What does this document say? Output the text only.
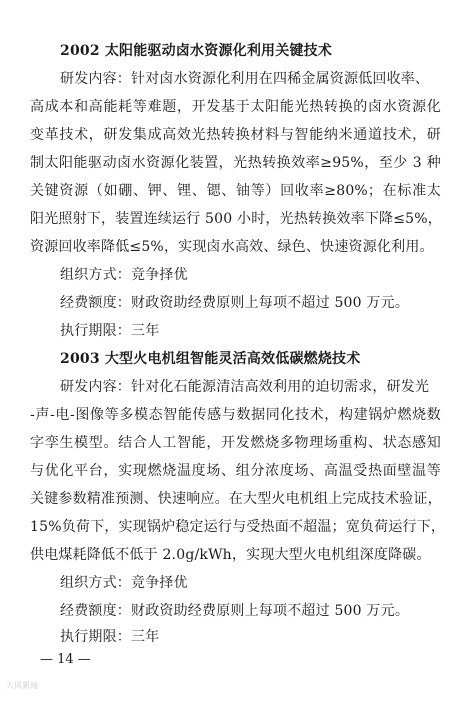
2002 太阳能驱动卤水资源化利用关键技术
研发内容：针对卤水资源化利用在四稀金属资源低回收率、
高成本和高能耗等难题，开发基于太阳能光热转换的卤水资源化
变革技术，研发集成高效光热转换材料与智能纳米通道技术，研
制太阳能驱动卤水资源化装置，光热转换效率≥95%，至少 3 种
关键资源（如硼、钾、锂、锶、铀等）回收率≥80%；在标准太
阳光照射下，装置连续运行 500 小时，光热转换效率下降≤5%，
资源回收率降低≤5%，实现卤水高效、绿色、快速资源化利用。
组织方式：竞争择优
经费额度：财政资助经费原则上每项不超过 500 万元。
执行期限：三年
2003 大型火电机组智能灵活高效低碳燃烧技术
研发内容：针对化石能源清洁高效利用的迫切需求，研发光
-声-电-图像等多模态智能传感与数据同化技术，构建锅炉燃烧数
字孪生模型。结合人工智能，开发燃烧多物理场重构、状态感知
与优化平台，实现燃烧温度场、组分浓度场、高温受热面壁温等
关键参数精准预测、快速响应。在大型火电机组上完成技术验证，
15%负荷下，实现锅炉稳定运行与受热面不超温；宽负荷运行下，
供电煤耗降低不低于 2.0g/kWh，实现大型火电机组深度降碳。
组织方式：竞争择优
经费额度：财政资助经费原则上每项不超过 500 万元。
执行期限：三年
— 14 —
大风新闻
